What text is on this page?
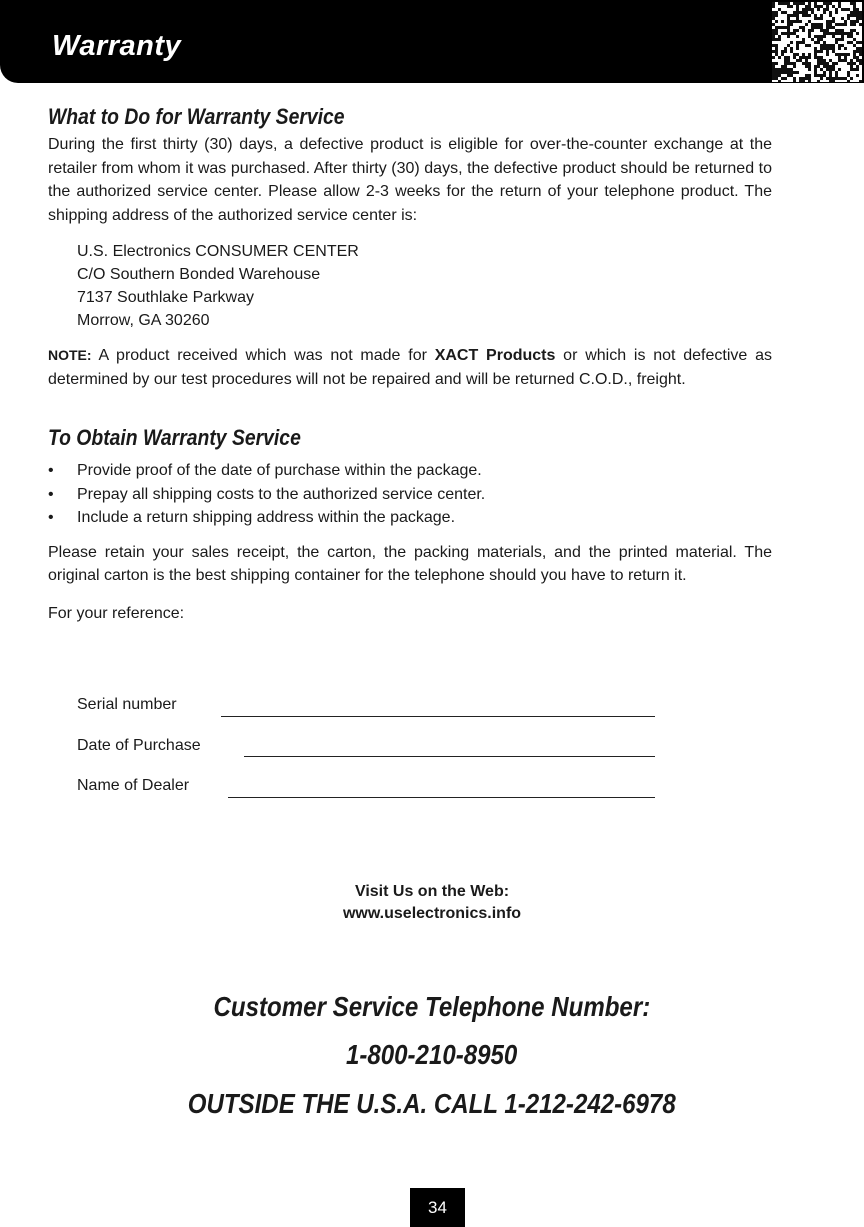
Warranty
What to Do for Warranty Service

During the first thirty (30) days, a defective product is eligible for over-the-counter exchange at the retailer from whom it was purchased. After thirty (30) days, the defective product should be returned to the authorized service center. Please allow 2-3 weeks for the return of your telephone product. The shipping address of the authorized service center is:

U.S. Electronics CONSUMER CENTER
C/O Southern Bonded Warehouse
7137 Southlake Parkway
Morrow, GA 30260

NOTE: A product received which was not made for XACT Products or which is not defective as determined by our test procedures will not be repaired and will be returned C.O.D., freight.

To Obtain Warranty Service
• Provide proof of the date of purchase within the package.
• Prepay all shipping costs to the authorized service center.
• Include a return shipping address within the package.

Please retain your sales receipt, the carton, the packing materials, and the printed material. The original carton is the best shipping container for the telephone should you have to return it.

For your reference:

Serial number
Date of Purchase
Name of Dealer
Visit Us on the Web:
www.uselectronics.info
Customer Service Telephone Number:
1-800-210-8950
OUTSIDE THE U.S.A. CALL 1-212-242-6978
34
